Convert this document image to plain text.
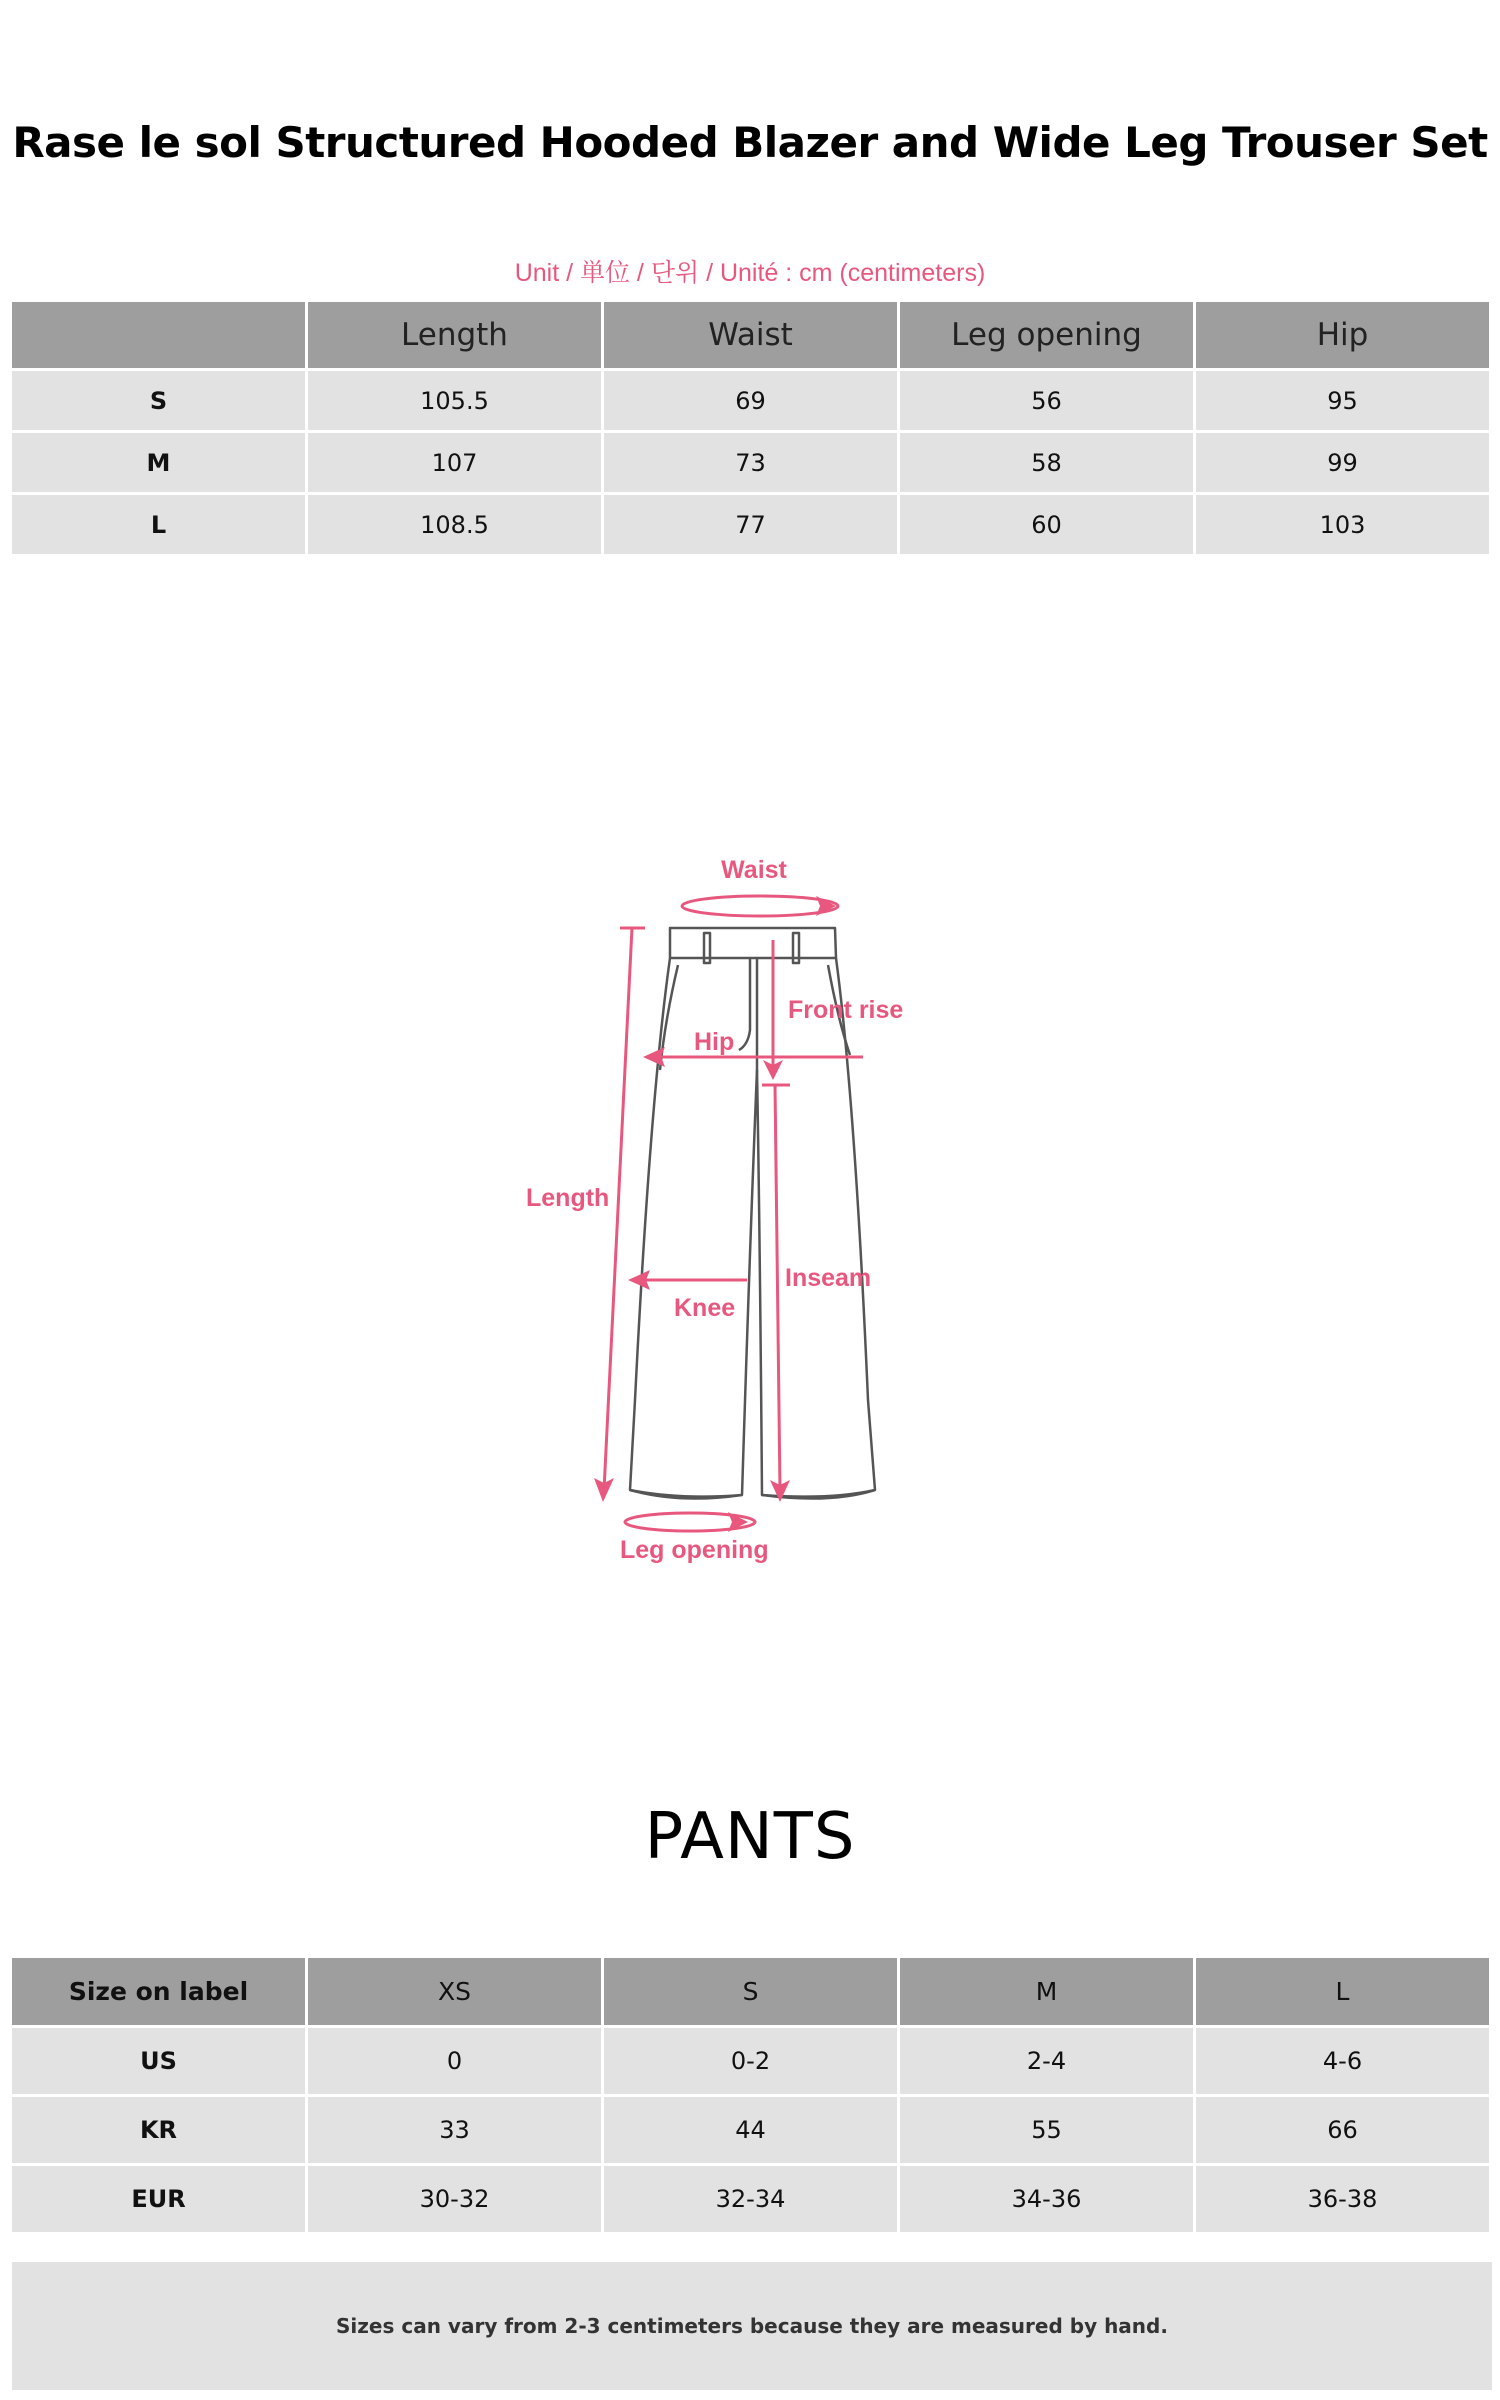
Rase le sol Structured Hooded Blazer and Wide Leg Trouser Set
Unit / 単位 / 단위 / Unité : cm (centimeters)
	Length	Waist	Leg opening	Hip
S	105.5	69	56	95
M	107	73	58	99
L	108.5	77	60	103
Waist
Front rise
Hip
Length
Inseam
Knee
Leg opening
PANTS
Size on label	XS	S	M	L
US	0	0-2	2-4	4-6
KR	33	44	55	66
EUR	30-32	32-34	34-36	36-38
Sizes can vary from 2-3 centimeters because they are measured by hand.
